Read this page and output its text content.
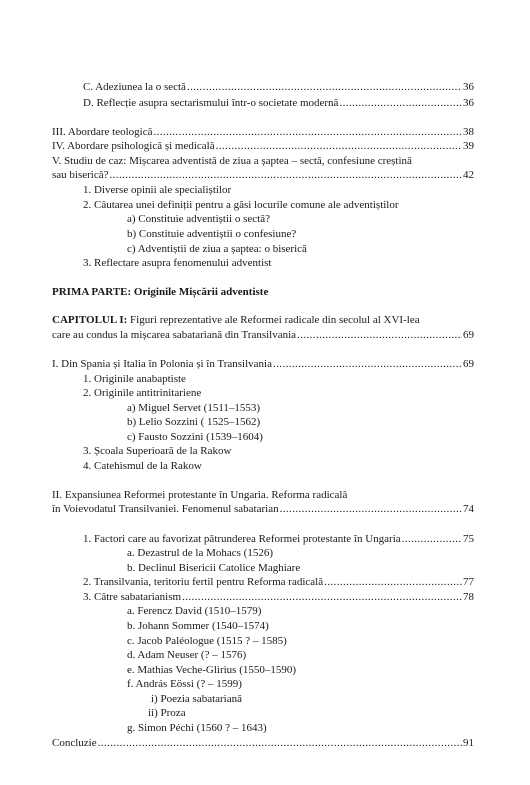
C. Adeziunea la o sectă .....	36
D. Reflecție asupra sectarismului într-o societate modernă .....	36
III. Abordare teologică .....	38
IV. Abordare psihologică și medicală .....	39
V. Studiu de caz: Mișcarea adventistă de ziua a șaptea – sectă, confesiune creștină
sau biserică? .....	42
1. Diverse opinii ale specialiștilor
2. Căutarea unei definiții pentru a găsi locurile comune ale adventiștilor
a) Constituie adventiștii o sectă?
b) Constituie adventiștii o confesiune?
c) Adventiștii de ziua a șaptea: o biserică
3. Reflectare asupra fenomenului adventist
PRIMA PARTE: Originile Mișcării adventiste
CAPITOLUL I: Figuri reprezentative ale Reformei radicale din secolul al XVI-lea
care au condus la mișcarea sabatariană din Transilvania .....	69
I. Din Spania și Italia în Polonia și în Transilvania .....	69
1. Originile anabaptiste
2. Originile antitrinitariene
a) Miguel Servet (1511–1553)
b) Lelio Sozzini ( 1525–1562)
c) Fausto Sozzini (1539–1604)
3. Școala Superioară de la Rakow
4. Catehismul de la Rakow
II. Expansiunea Reformei protestante în Ungaria. Reforma radicală
în Voievodatul Transilvaniei. Fenomenul sabatarian .....	74
1. Factori care au favorizat pătrunderea Reformei protestante în Ungaria .....	75
a. Dezastrul de la Mohacs (1526)
b. Declinul Bisericii Catolice Maghiare
2. Transilvania, teritoriu fertil pentru Reforma radicală .....	77
3. Către sabatarianism .....	78
a. Ferencz David (1510–1579)
b. Johann Sommer (1540–1574)
c. Jacob Paléologue (1515 ? – 1585)
d. Adam Neuser (? – 1576)
e. Mathias Veche-Glirius (1550–1590)
f. András Eössi (? – 1599)
i) Poezia sabatariană
ii) Proza
g. Simon Péchi (1560 ? – 1643)
Concluzie .....	91
